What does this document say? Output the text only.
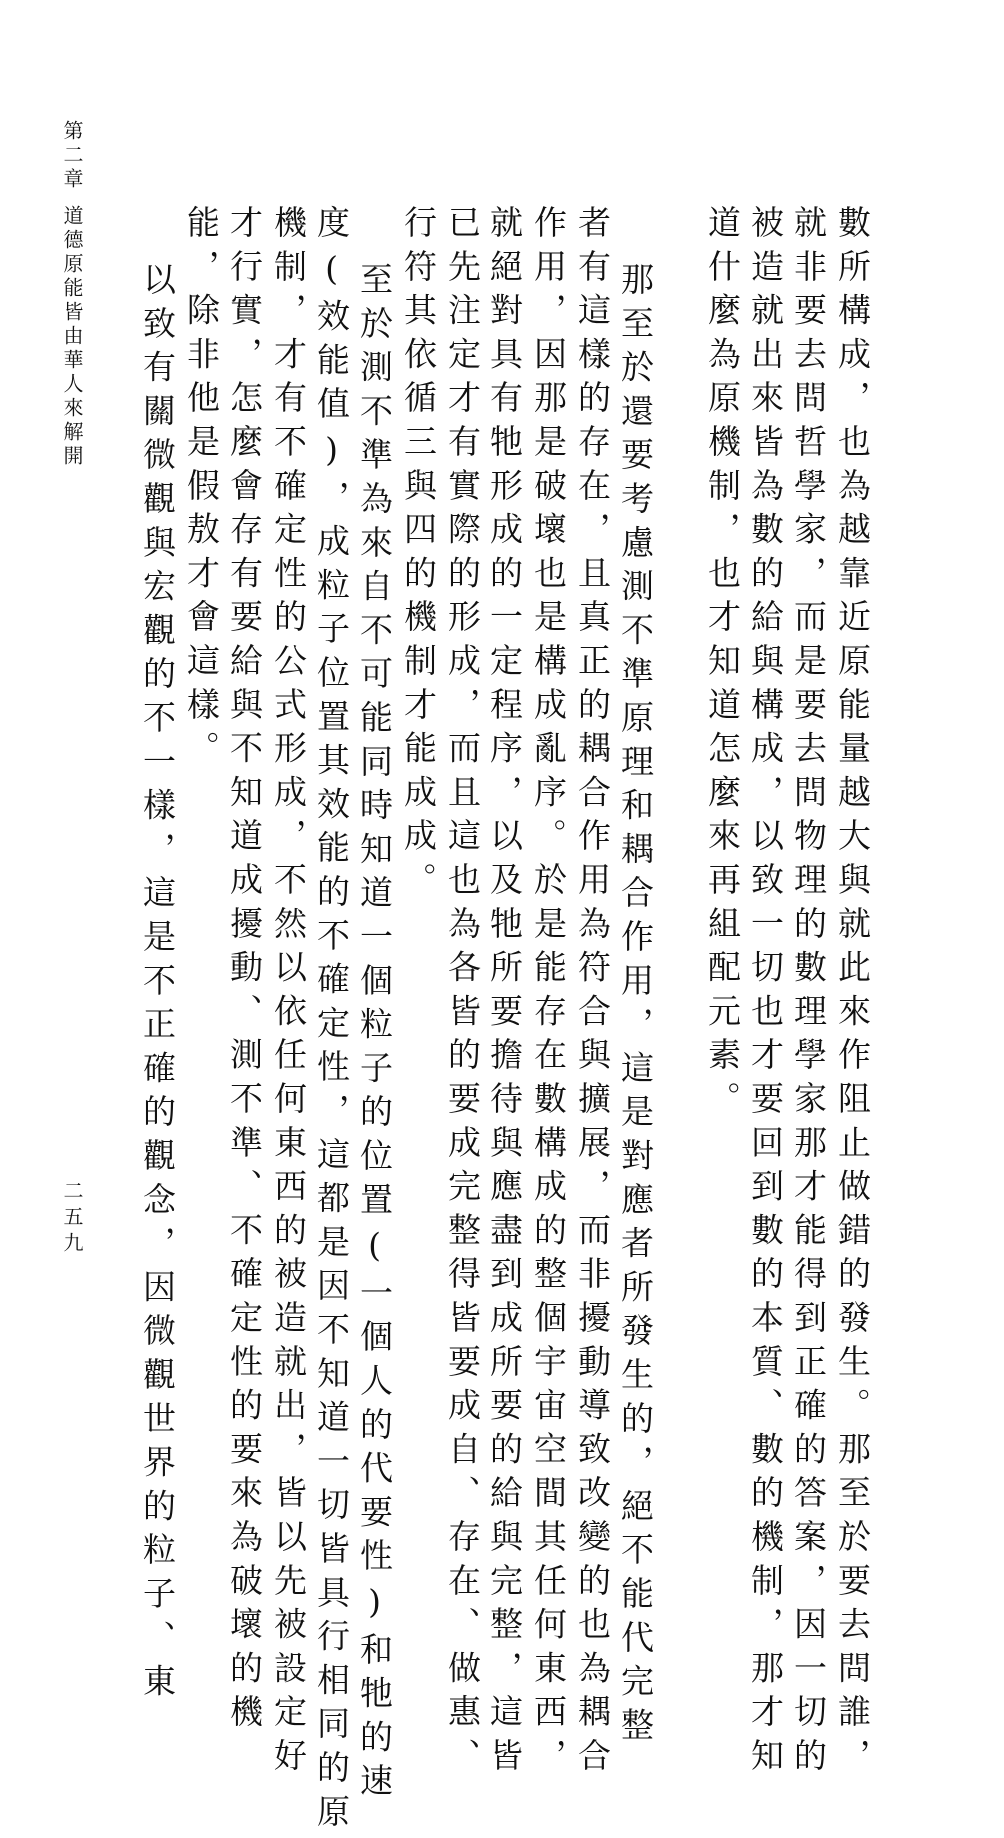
第二章
道德原能皆由華人來解開
二五九	數所構成，也為越靠近原能量越大與就此來作阻止做錯的發生。那至於要去問誰，
就非要去問哲學家，而是要去問物理的數理學家那才能得到正確的答案，因一切的
被造就出來皆為數的給與構成，以致一切也才要回到數的本質、數的機制，那才知
道什麼為原機制，也才知道怎麼來再組配元素。
那至於還要考慮測不準原理和耦合作用，這是對應者所發生的，絕不能代完整
者有這樣的存在，且真正的耦合作用為符合與擴展，而非擾動導致改變的也為耦合
作用，因那是破壞也是構成亂序。於是能存在數構成的整個宇宙空間其任何東西，
就絕對具有牠形成的一定程序，以及牠所要擔待與應盡到成所要的給與完整，這皆
已先注定才有實際的形成，而且這也為各皆的要成完整得皆要成自、存在、做惠、
行符其依循三與四的機制才能成成。
至於測不準為來自不可能同時知道一個粒子的位置(一個人的代要性)和牠的速
度(效能值)，成粒子位置其效能的不確定性，這都是因不知道一切皆具行相同的原
機制，才有不確定性的公式形成，不然以依任何東西的被造就出，皆以先被設定好
才行實，怎麼會存有要給與不知道成擾動、測不準、不確定性的要來為破壞的機
能，除非他是假敖才會這樣。
以致有關微觀與宏觀的不一樣，這是不正確的觀念，因微觀世界的粒子、東
